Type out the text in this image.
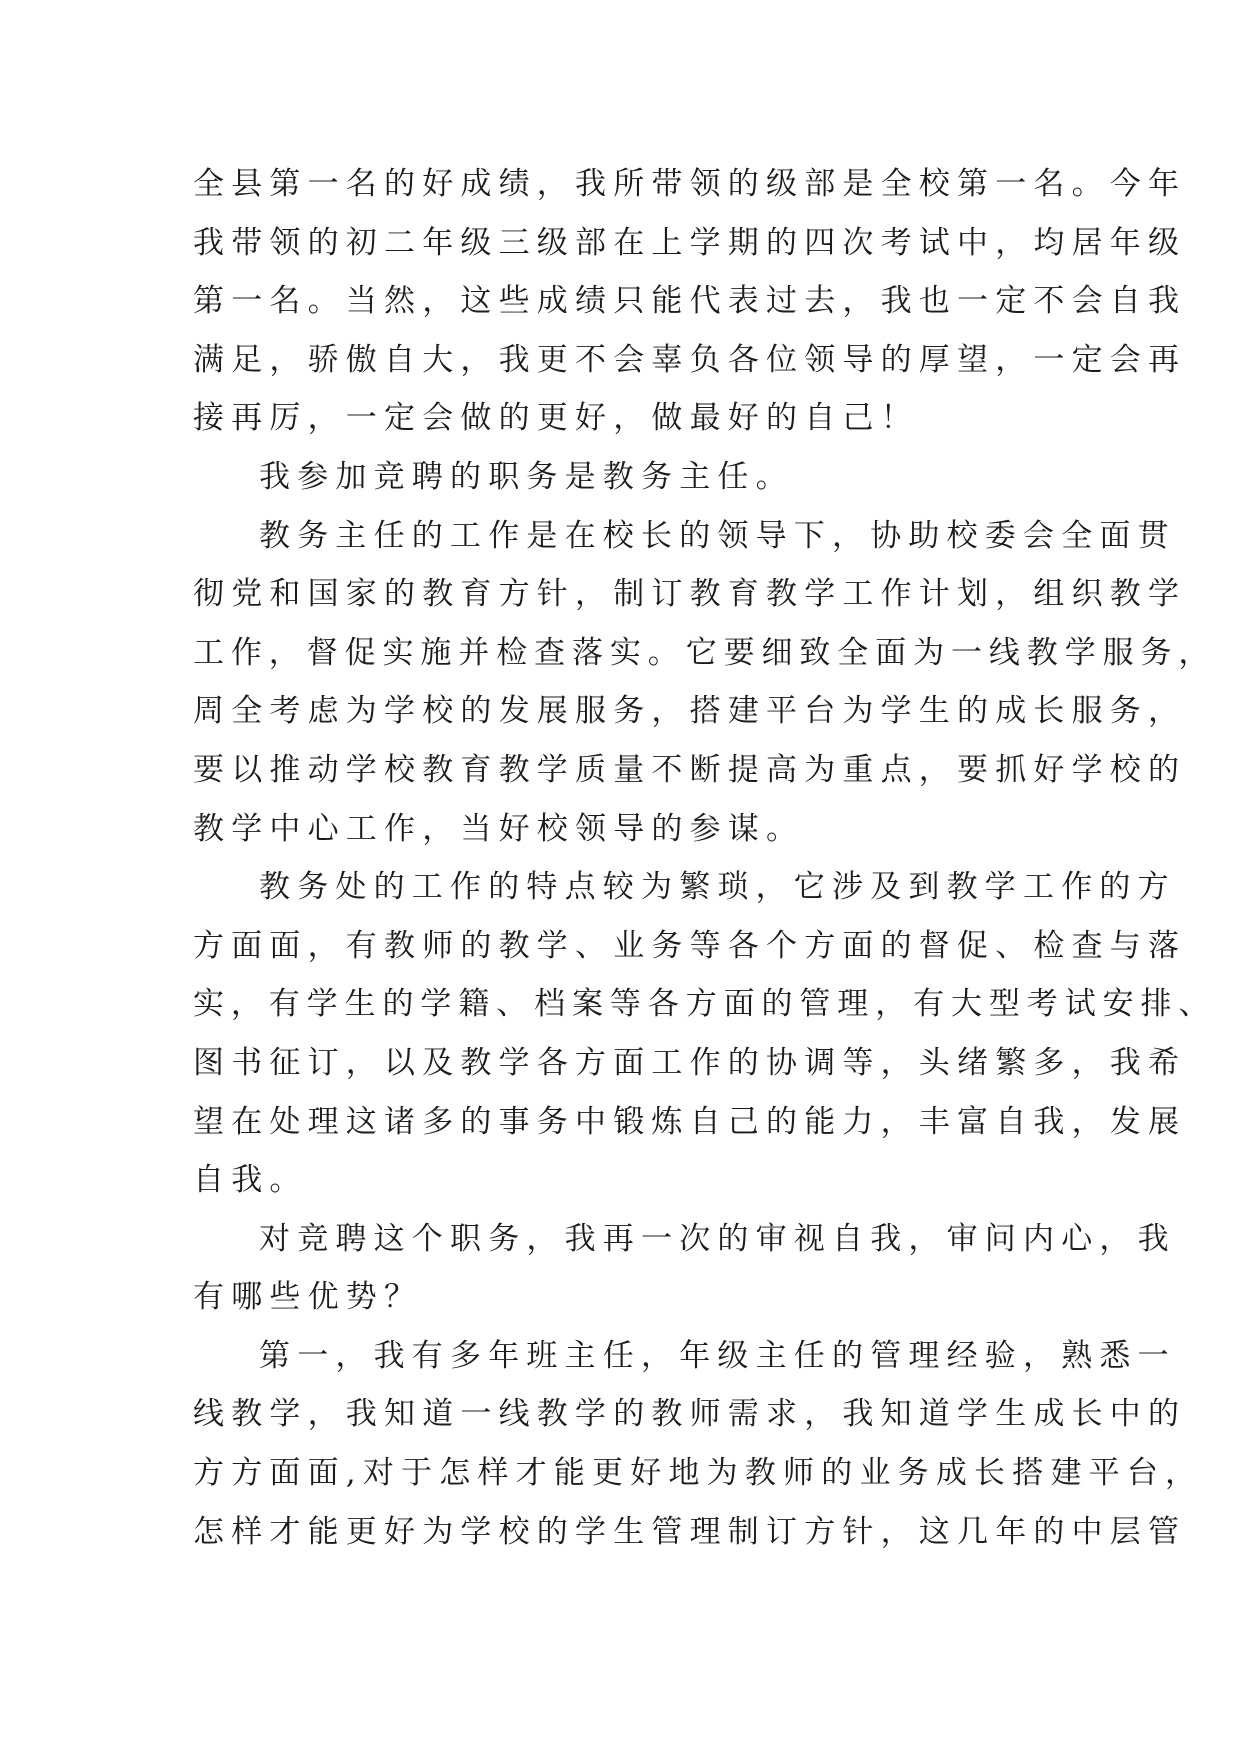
全县第一名的好成绩，我所带领的级部是全校第一名。今年
我带领的初二年级三级部在上学期的四次考试中，均居年级
第一名。当然，这些成绩只能代表过去，我也一定不会自我
满足，骄傲自大，我更不会辜负各位领导的厚望，一定会再
接再厉，一定会做的更好，做最好的自己！
我参加竞聘的职务是教务主任。
教务主任的工作是在校长的领导下，协助校委会全面贯
彻党和国家的教育方针，制订教育教学工作计划，组织教学
工作，督促实施并检查落实。它要细致全面为一线教学服务，
周全考虑为学校的发展服务，搭建平台为学生的成长服务，
要以推动学校教育教学质量不断提高为重点，要抓好学校的
教学中心工作，当好校领导的参谋。
教务处的工作的特点较为繁琐，它涉及到教学工作的方
方面面，有教师的教学、业务等各个方面的督促、检查与落
实，有学生的学籍、档案等各方面的管理，有大型考试安排、
图书征订，以及教学各方面工作的协调等，头绪繁多，我希
望在处理这诸多的事务中锻炼自己的能力，丰富自我，发展
自我。
对竞聘这个职务，我再一次的审视自我，审问内心，我
有哪些优势？
第一，我有多年班主任，年级主任的管理经验，熟悉一
线教学，我知道一线教学的教师需求，我知道学生成长中的
方方面面,对于怎样才能更好地为教师的业务成长搭建平台，
怎样才能更好为学校的学生管理制订方针，这几年的中层管
